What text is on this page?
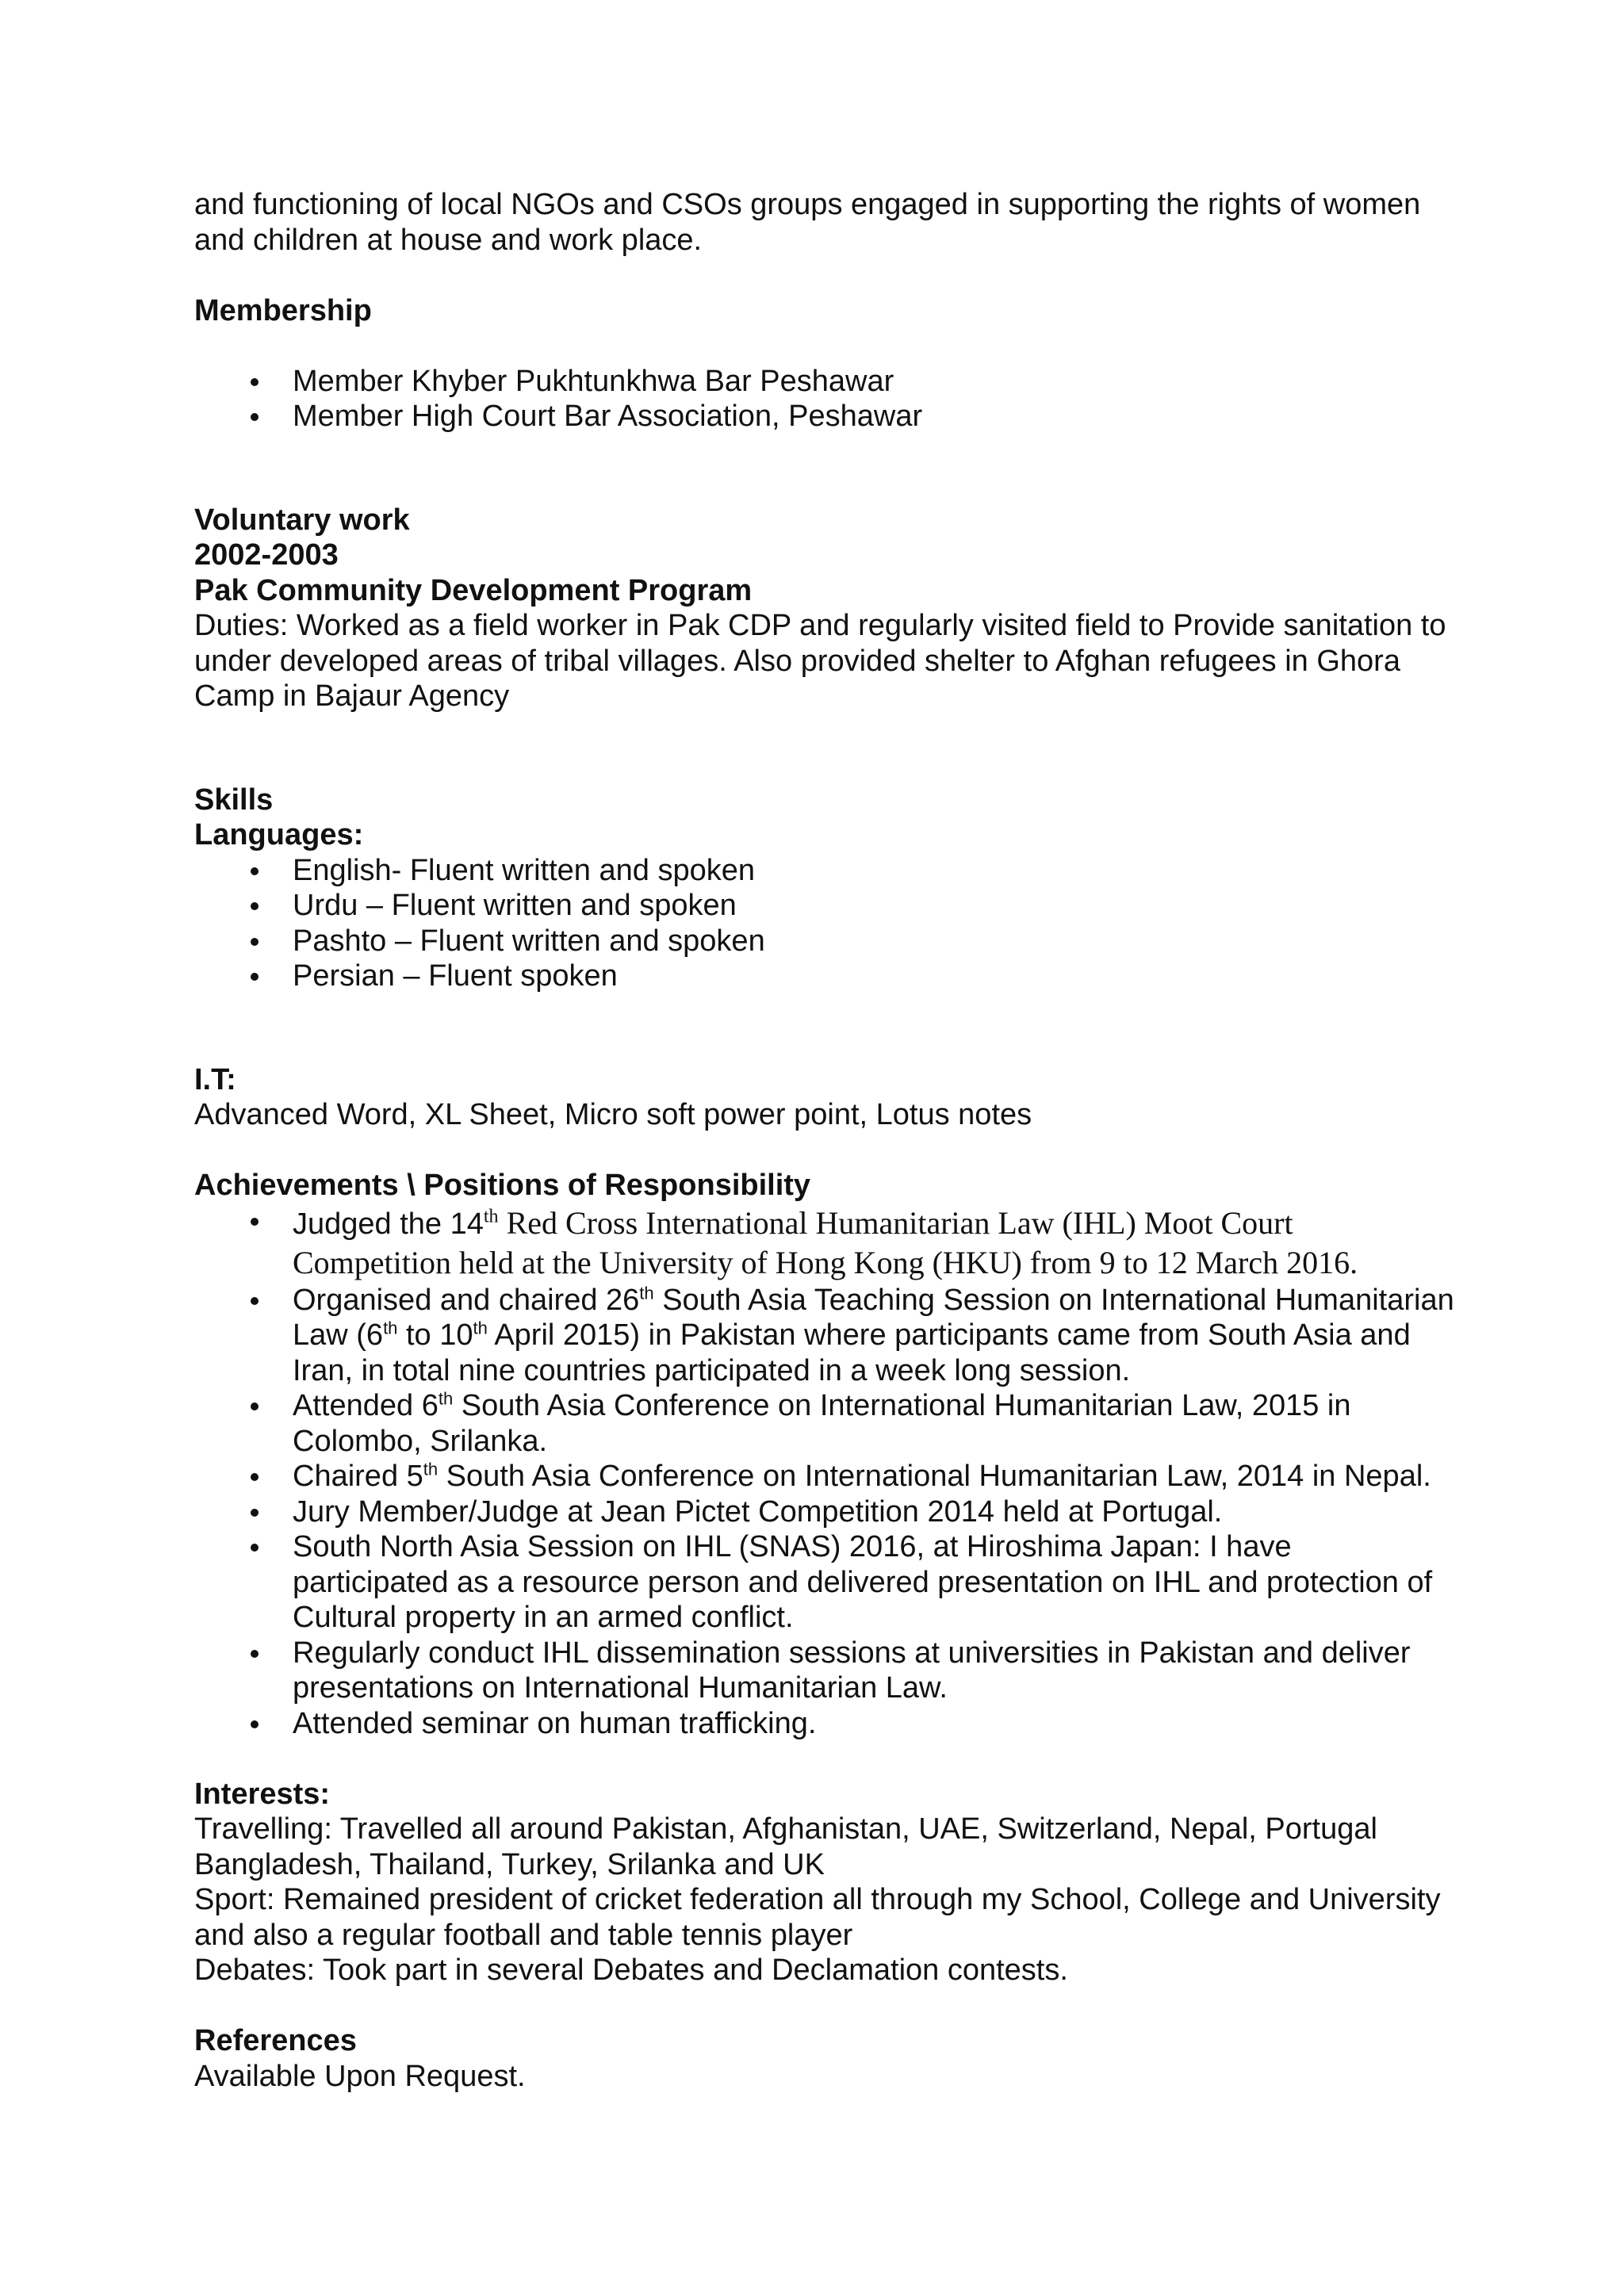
and functioning of local NGOs and CSOs groups engaged in supporting the rights of women

and children at house and work place.

Membership

Member Khyber Pukhtunkhwa Bar Peshawar
Member High Court Bar Association, Peshawar

Voluntary work

2002-2003

Pak Community Development Program

Duties: Worked as a field worker in Pak CDP and regularly visited field to Provide sanitation to under developed areas of tribal villages. Also provided shelter to Afghan refugees in Ghora Camp in Bajaur Agency

Skills

Languages:

English- Fluent written and spoken
Urdu – Fluent written and spoken
Pashto – Fluent written and spoken
Persian – Fluent spoken

I.T:

Advanced Word, XL Sheet, Micro soft power point, Lotus notes

Achievements \ Positions of Responsibility

Judged the 14th Red Cross International Humanitarian Law (IHL) Moot Court Competition held at the University of Hong Kong (HKU) from 9 to 12 March 2016.
Organised and chaired 26th South Asia Teaching Session on International Humanitarian Law (6th to 10th April 2015) in Pakistan where participants came from South Asia and Iran, in total nine countries participated in a week long session.
Attended 6th South Asia Conference on International Humanitarian Law, 2015 in Colombo, Srilanka.
Chaired 5th South Asia Conference on International Humanitarian Law, 2014 in Nepal.
Jury Member/Judge at Jean Pictet Competition 2014 held at Portugal.
South North Asia Session on IHL (SNAS) 2016, at Hiroshima Japan: I have participated as a resource person and delivered presentation on IHL and protection of Cultural property in an armed conflict.
Regularly conduct IHL dissemination sessions at universities in Pakistan and deliver presentations on International Humanitarian Law.
Attended seminar on human trafficking.

Interests:

Travelling: Travelled all around Pakistan, Afghanistan, UAE, Switzerland, Nepal, Portugal Bangladesh, Thailand, Turkey, Srilanka and UK

Sport: Remained president of cricket federation all through my School, College and University and also a regular football and table tennis player

Debates: Took part in several Debates and Declamation contests.

References

Available Upon Request.
